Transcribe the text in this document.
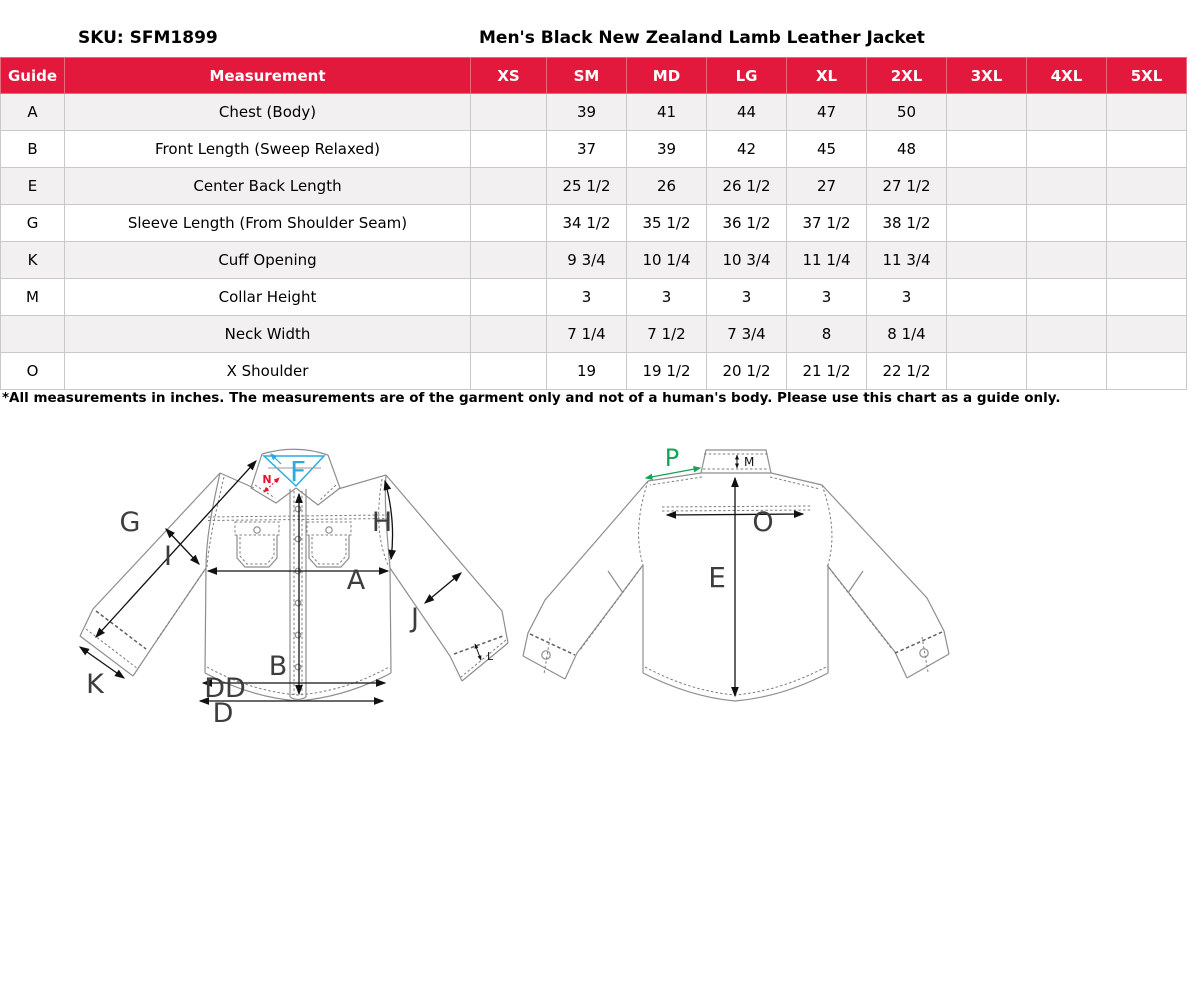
SKU: SFM1899	Men's Black New Zealand Lamb Leather Jacket
Guide	Measurement	XS	SM	MD	LG	XL	2XL	3XL	4XL	5XL
A	Chest (Body)		39	41	44	47	50			
B	Front Length (Sweep Relaxed)		37	39	42	45	48			
E	Center Back Length		25 1/2	26	26 1/2	27	27 1/2			
G	Sleeve Length (From Shoulder Seam)		34 1/2	35 1/2	36 1/2	37 1/2	38 1/2			
K	Cuff Opening		9 3/4	10 1/4	10 3/4	11 1/4	11 3/4			
M	Collar Height		3	3	3	3	3			
	Neck Width		7 1/4	7 1/2	7 3/4	8	8 1/4			
O	X Shoulder		19	19 1/2	20 1/2	21 1/2	22 1/2			
*All measurements in inches. The measurements are of the garment only and not of a human's body. Please use this chart as a guide only.
F
N
G
I
H
A
J
B
K
L
DD
D
P	M
O
E
